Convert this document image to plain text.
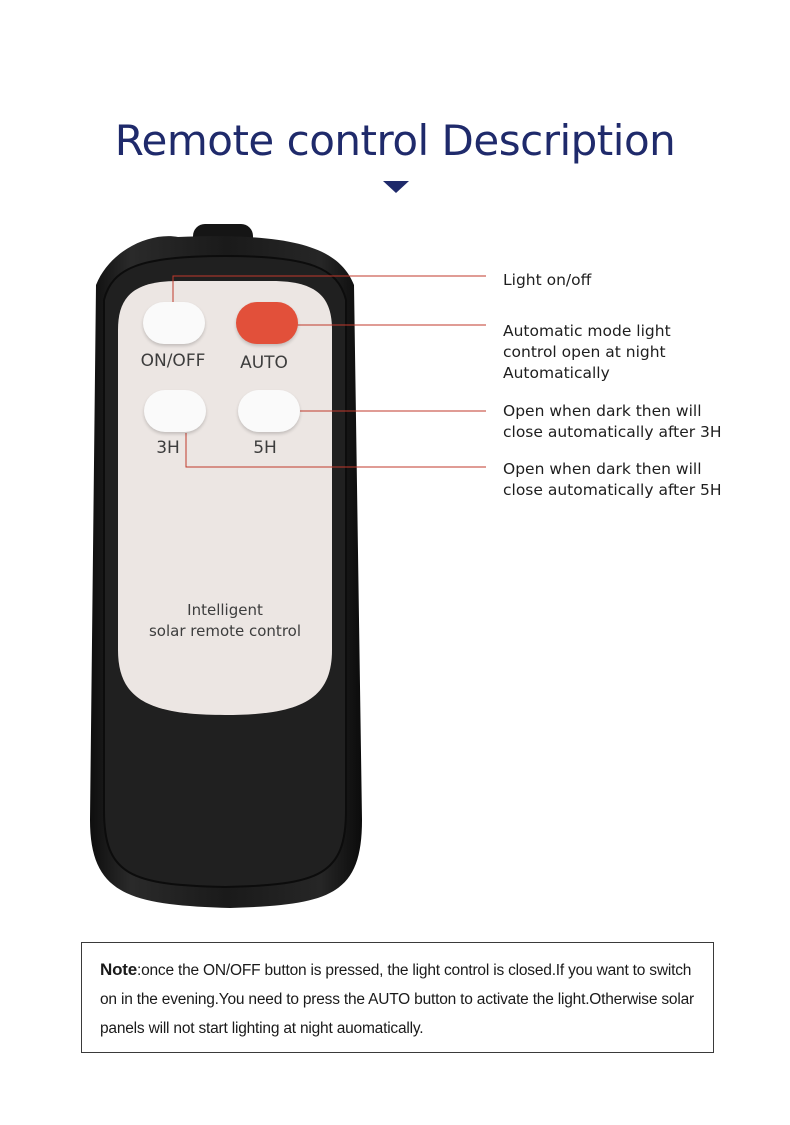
Remote control Description
ON/OFF	AUTO
3H	5H
Intelligent
solar remote control
Light on/off
Automatic mode light
control open at night
Automatically
Open when dark then will
close automatically after 3H
Open when dark then will
close automatically after 5H
Note:once the ON/OFF button is pressed, the light control is closed.If you want to switch on in the evening.You need to press the AUTO button to activate the light.Otherwise solar panels will not start lighting at night auomatically.
